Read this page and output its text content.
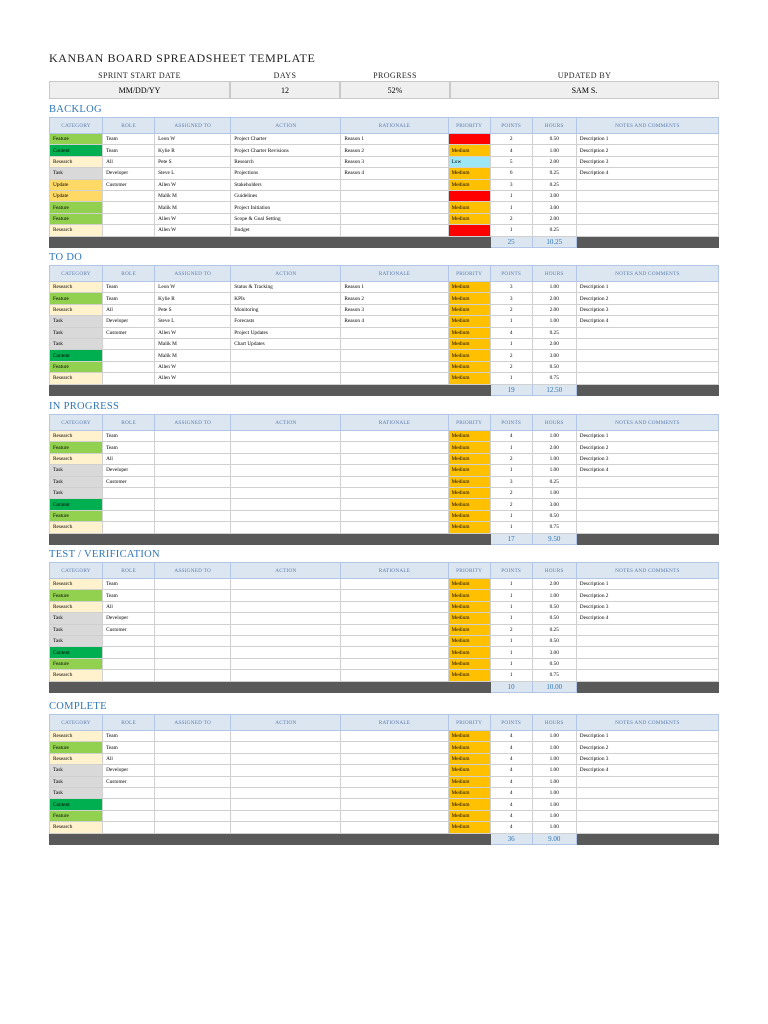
KANBAN BOARD SPREADSHEET TEMPLATE
SPRINT START DATE	DAYS	PROGRESS	UPDATED BY
MM/DD/YY	12	52%	SAM S.
BACKLOG
CATEGORY	ROLE	ASSIGNED TO	ACTION	RATIONALE	PRIORITY	POINTS	HOURS	NOTES AND COMMENTS
Feature	Team	Leon W	Project Charter	Reason 1	High	2	0.50	Description 1
Content	Team	Kylie R	Project Charter Revisions	Reason 2	Medium	4	1.00	Description 2
Research	All	Pete S	Research	Reason 3	Low	5	2.00	Description 3
Task	Developer	Steve L	Projections	Reason 4	Medium	6	0.25	Description 4
Update	Customer	Allen W	Stakeholders		Medium	3	0.25	
Update		Malik M	Guidelines		High	1	3.00	
Feature		Malik M	Project Initiation		Medium	1	3.00	
Feature		Allen W	Scope & Goal Setting		Medium	2	2.00	
Research		Allen W	Budget		High	1	0.25	
						25	10.25	
TO DO
CATEGORY	ROLE	ASSIGNED TO	ACTION	RATIONALE	PRIORITY	POINTS	HOURS	NOTES AND COMMENTS
Research	Team	Leon W	Status & Tracking	Reason 1	Medium	3	1.00	Description 1
Feature	Team	Kylie R	KPIs	Reason 2	Medium	3	2.00	Description 2
Research	All	Pete S	Monitoring	Reason 3	Medium	2	2.00	Description 3
Task	Developer	Steve L	Forecasts	Reason 4	Medium	1	1.00	Description 4
Task	Customer	Allen W	Project Updates		Medium	4	0.25	
Task		Malik M	Chart Updates		Medium	1	2.00	
Content		Malik M			Medium	2	3.00	
Feature		Allen W			Medium	2	0.50	
Research		Allen W			Medium	1	0.75	
						19	12.50	
IN PROGRESS
CATEGORY	ROLE	ASSIGNED TO	ACTION	RATIONALE	PRIORITY	POINTS	HOURS	NOTES AND COMMENTS
Research	Team				Medium	4	1.00	Description 1
Feature	Team				Medium	1	2.00	Description 2
Research	All				Medium	2	1.00	Description 3
Task	Developer				Medium	1	1.00	Description 4
Task	Customer				Medium	3	0.25	
Task					Medium	2	1.00	
Content					Medium	2	3.00	
Feature					Medium	1	0.50	
Research					Medium	1	0.75	
						17	9.50	
TEST / VERIFICATION
CATEGORY	ROLE	ASSIGNED TO	ACTION	RATIONALE	PRIORITY	POINTS	HOURS	NOTES AND COMMENTS
Research	Team				Medium	1	2.00	Description 1
Feature	Team				Medium	1	1.00	Description 2
Research	All				Medium	1	0.50	Description 3
Task	Developer				Medium	1	0.50	Description 4
Task	Customer				Medium	2	0.25	
Task					Medium	1	0.50	
Content					Medium	1	3.00	
Feature					Medium	1	0.50	
Research					Medium	1	0.75	
						10	10.00	
COMPLETE
CATEGORY	ROLE	ASSIGNED TO	ACTION	RATIONALE	PRIORITY	POINTS	HOURS	NOTES AND COMMENTS
Research	Team				Medium	4	1.00	Description 1
Feature	Team				Medium	4	1.00	Description 2
Research	All				Medium	4	1.00	Description 3
Task	Developer				Medium	4	1.00	Description 4
Task	Customer				Medium	4	1.00	
Task					Medium	4	1.00	
Content					Medium	4	1.00	
Feature					Medium	4	1.00	
Research					Medium	4	1.00	
						36	9.00	
